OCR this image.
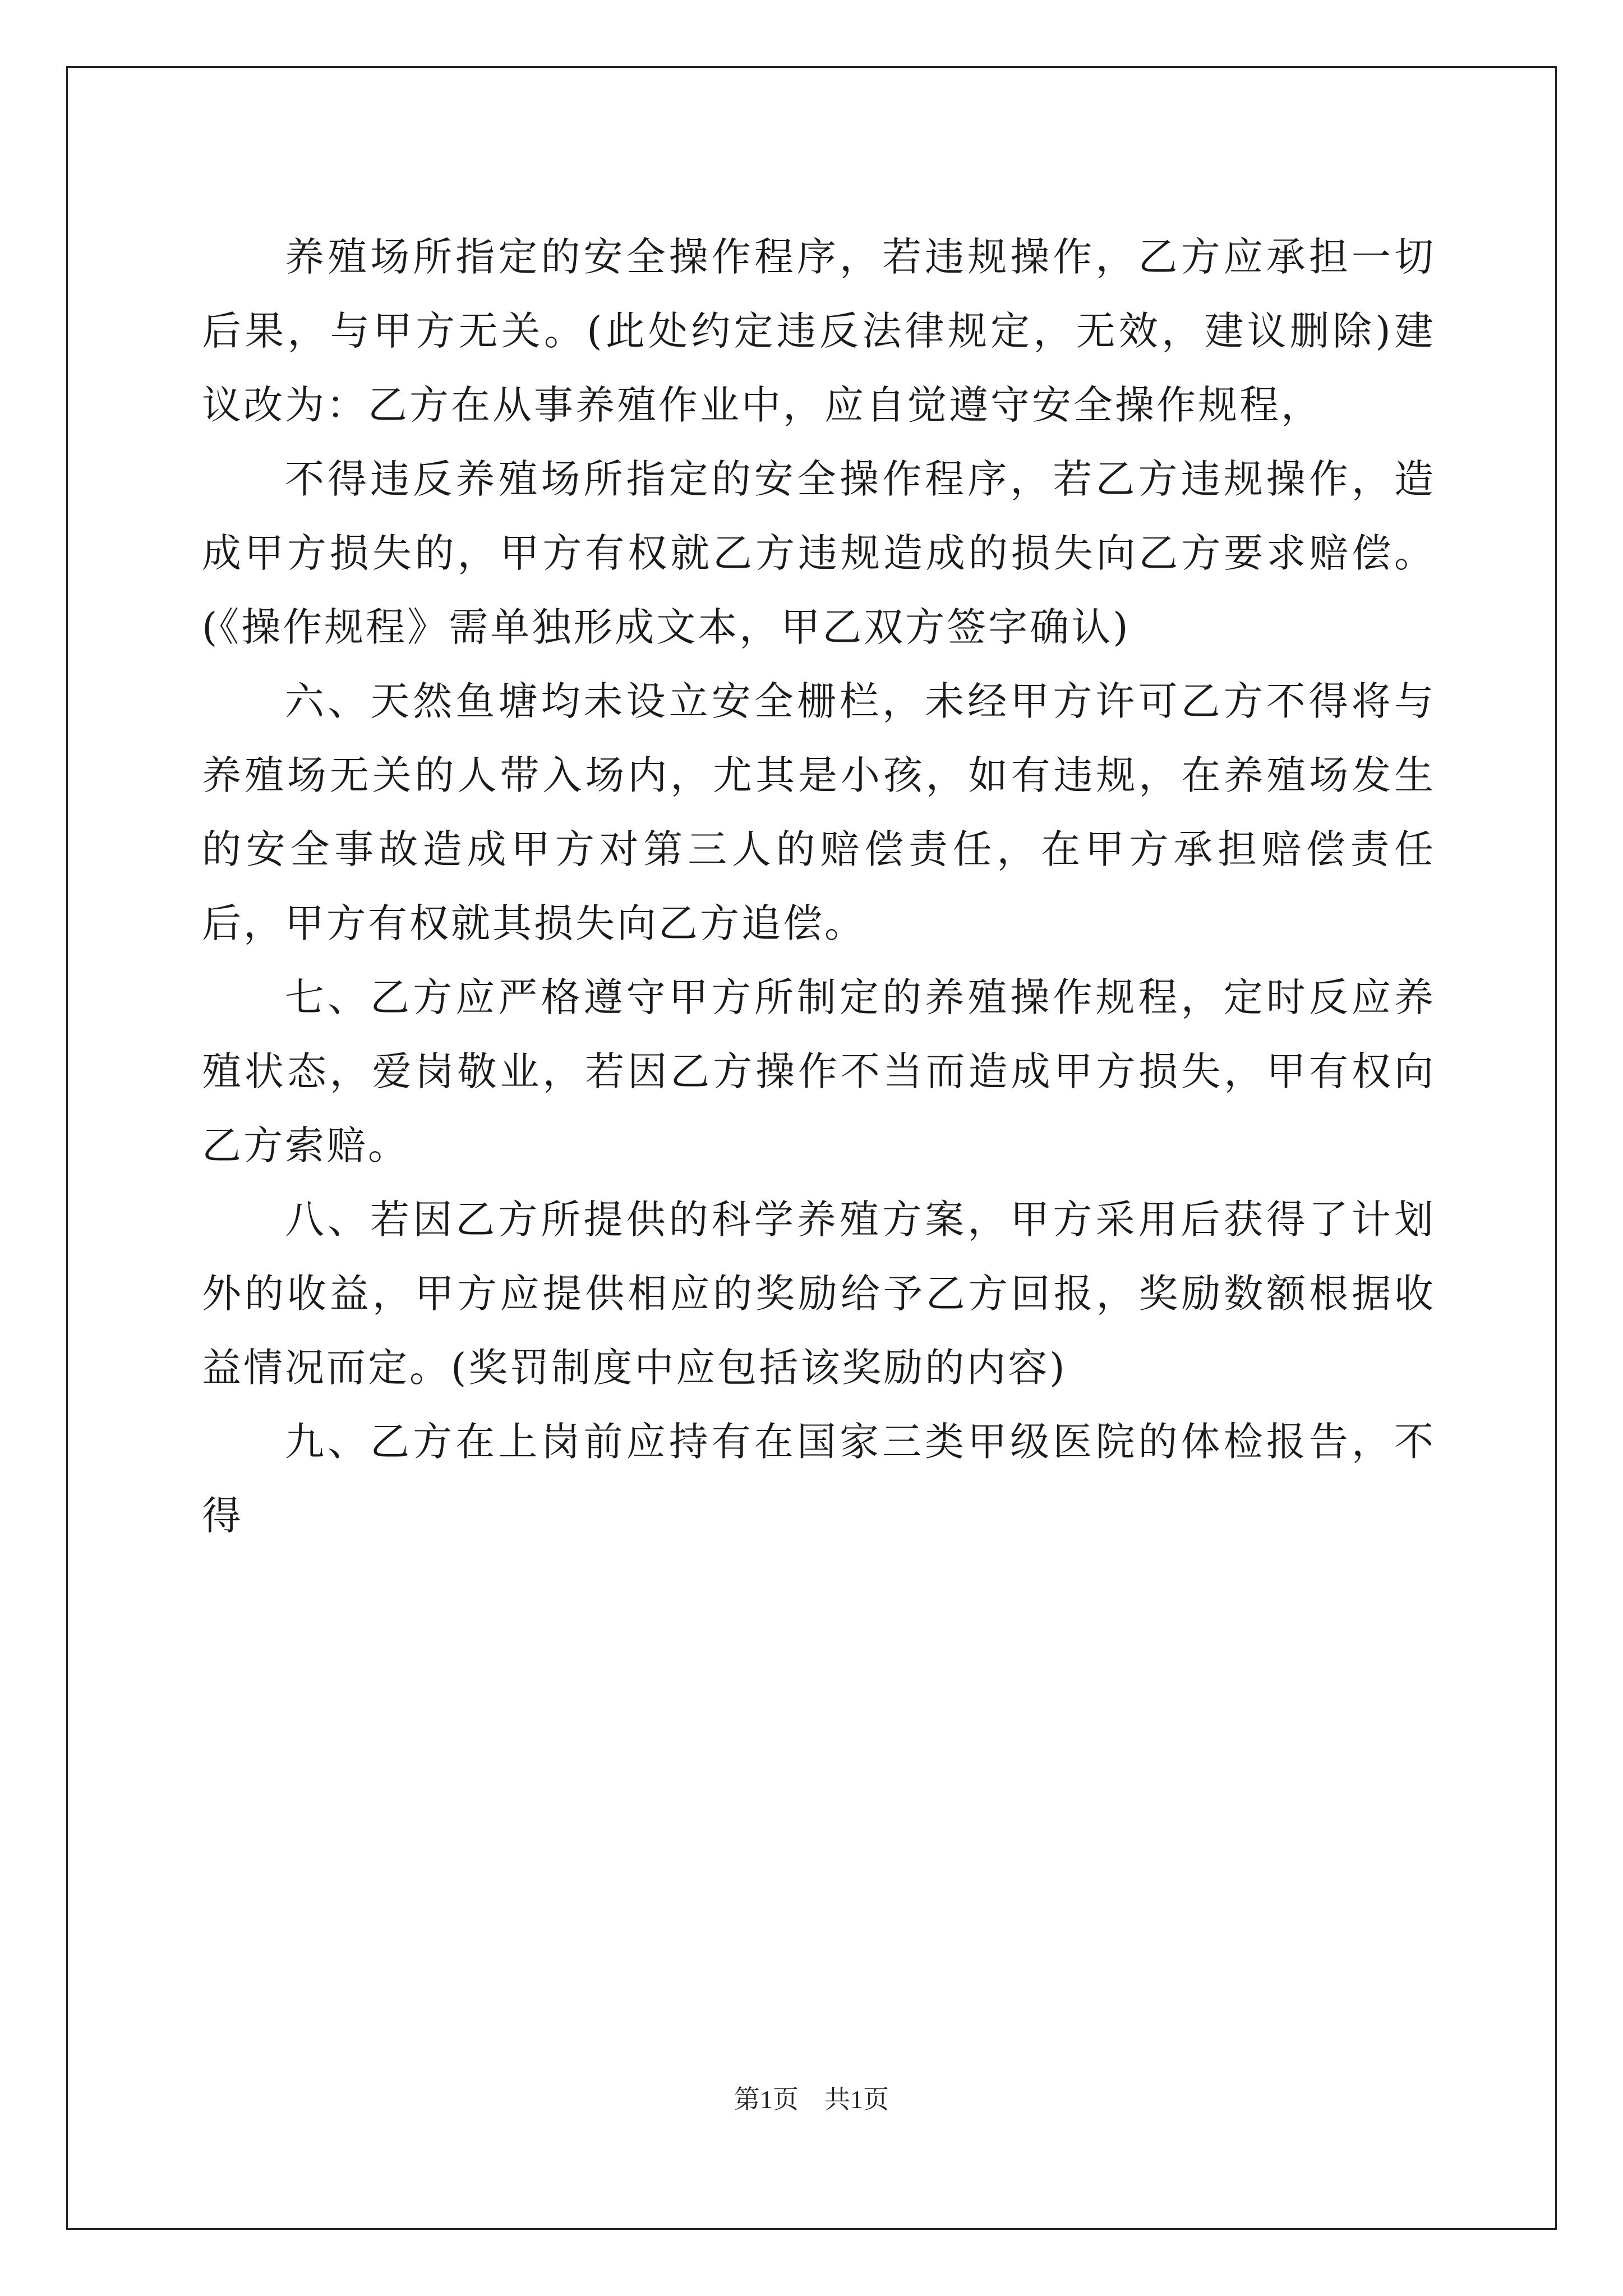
养殖场所指定的安全操作程序，若违规操作，乙方应承担一切后果，与甲方无关。(此处约定违反法律规定，无效，建议删除)建议改为：乙方在从事养殖作业中，应自觉遵守安全操作规程，

不得违反养殖场所指定的安全操作程序，若乙方违规操作，造成甲方损失的，甲方有权就乙方违规造成的损失向乙方要求赔偿。(《操作规程》需单独形成文本，甲乙双方签字确认)

六、天然鱼塘均未设立安全栅栏，未经甲方许可乙方不得将与养殖场无关的人带入场内，尤其是小孩，如有违规，在养殖场发生的安全事故造成甲方对第三人的赔偿责任，在甲方承担赔偿责任后，甲方有权就其损失向乙方追偿。

七、乙方应严格遵守甲方所制定的养殖操作规程，定时反应养殖状态，爱岗敬业，若因乙方操作不当而造成甲方损失，甲有权向乙方索赔。

八、若因乙方所提供的科学养殖方案，甲方采用后获得了计划外的收益，甲方应提供相应的奖励给予乙方回报，奖励数额根据收益情况而定。(奖罚制度中应包括该奖励的内容)

九、乙方在上岗前应持有在国家三类甲级医院的体检报告，不得

第1页 共1页
